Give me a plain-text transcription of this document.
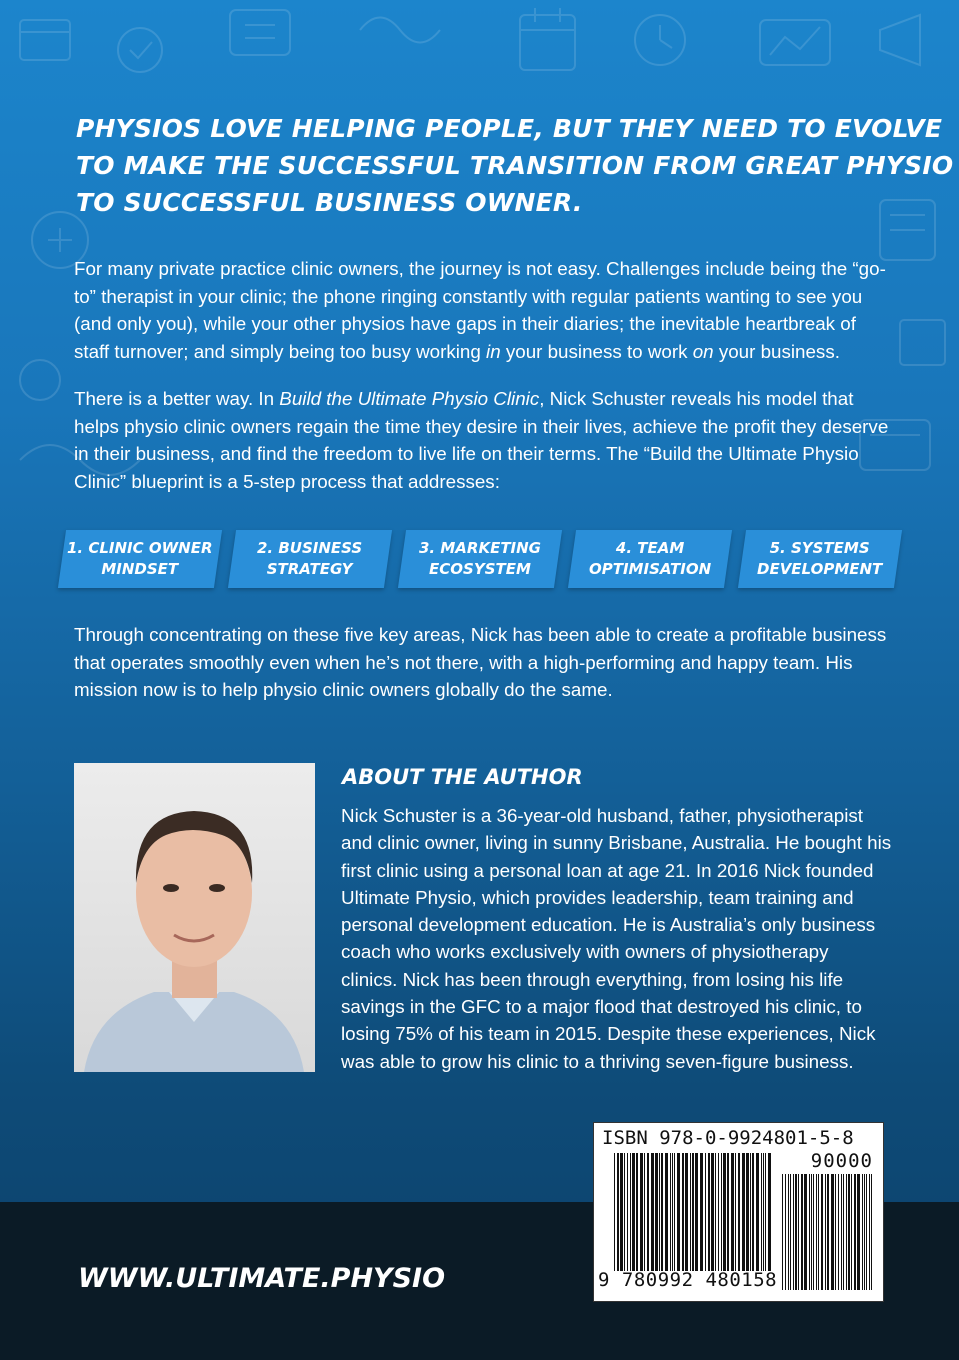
PHYSIOS LOVE HELPING PEOPLE, BUT THEY NEED TO EVOLVE
TO MAKE THE SUCCESSFUL TRANSITION FROM GREAT PHYSIO
TO SUCCESSFUL BUSINESS OWNER.
For many private practice clinic owners, the journey is not easy. Challenges include being the “go-to” therapist in your clinic; the phone ringing constantly with regular patients wanting to see you (and only you), while your other physios have gaps in their diaries; the inevitable heartbreak of staff turnover; and simply being too busy working in your business to work on your business.
There is a better way. In Build the Ultimate Physio Clinic, Nick Schuster reveals his model that helps physio clinic owners regain the time they desire in their lives, achieve the profit they deserve in their business, and find the freedom to live life on their terms. The “Build the Ultimate Physio Clinic” blueprint is a 5-step process that addresses:
1. CLINIC OWNER
MINDSET
2. BUSINESS
STRATEGY
3. MARKETING
ECOSYSTEM
4. TEAM
OPTIMISATION
5. SYSTEMS
DEVELOPMENT
Through concentrating on these five key areas, Nick has been able to create a profitable business that operates smoothly even when he’s not there, with a high-performing and happy team. His mission now is to help physio clinic owners globally do the same.
ABOUT THE AUTHOR
Nick Schuster is a 36-year-old husband, father, physiotherapist
and clinic owner, living in sunny Brisbane, Australia. He bought his
first clinic using a personal loan at age 21. In 2016 Nick founded
Ultimate Physio, which provides leadership, team training and
personal development education. He is Australia’s only business
coach who works exclusively with owners of physiotherapy
clinics. Nick has been through everything, from losing his life
savings in the GFC to a major flood that destroyed his clinic, to
losing 75% of his team in 2015. Despite these experiences, Nick
was able to grow his clinic to a thriving seven-figure business.
WWW.ULTIMATE.PHYSIO
ISBN 978-0-9924801-5-8
90000
9 780992 480158
